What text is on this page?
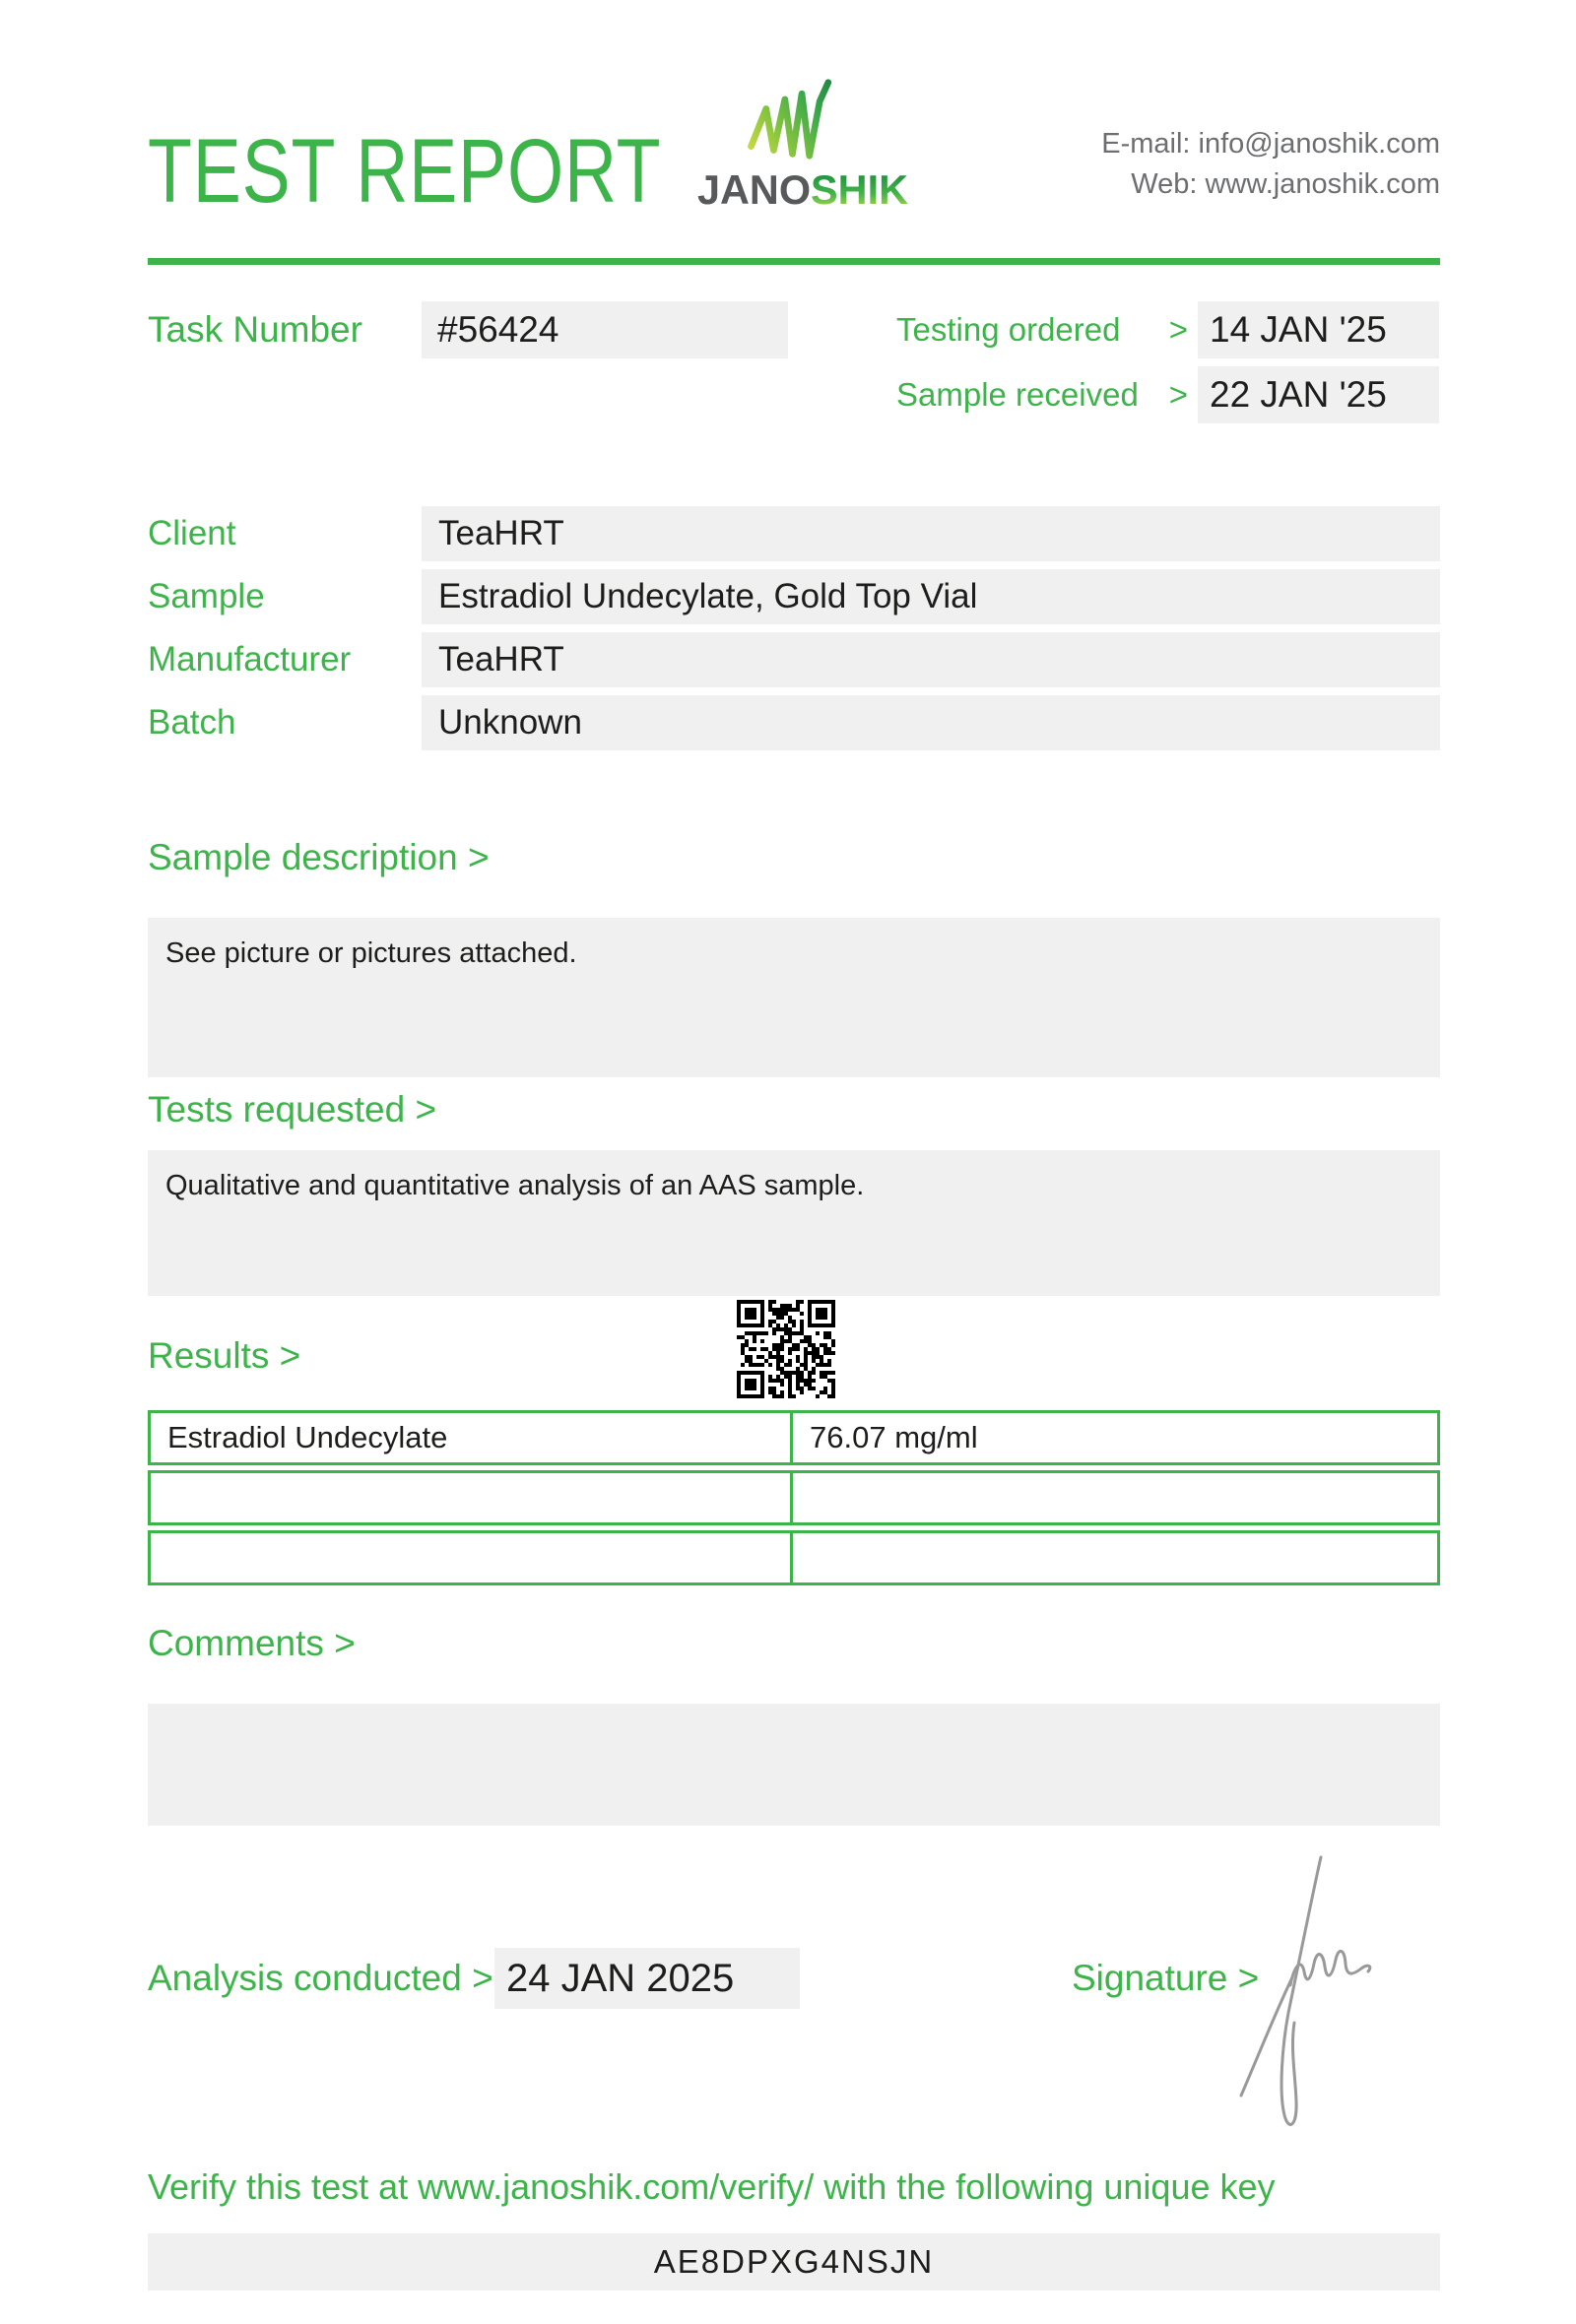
TEST REPORT
JANOSHIK
E-mail: info@janoshik.com
Web: www.janoshik.com
Task Number	#56424	Testing ordered > 14 JAN '25
Sample received > 22 JAN '25
Client	TeaHRT
Sample	Estradiol Undecylate, Gold Top Vial
Manufacturer	TeaHRT
Batch	Unknown
Sample description >
See picture or pictures attached.
Tests requested >
Qualitative and quantitative analysis of an AAS sample.
Results >
Estradiol Undecylate	76.07 mg/ml
Comments >
Analysis conducted > 24 JAN 2025	Signature >
Verify this test at www.janoshik.com/verify/ with the following unique key
AE8DPXG4NSJN
